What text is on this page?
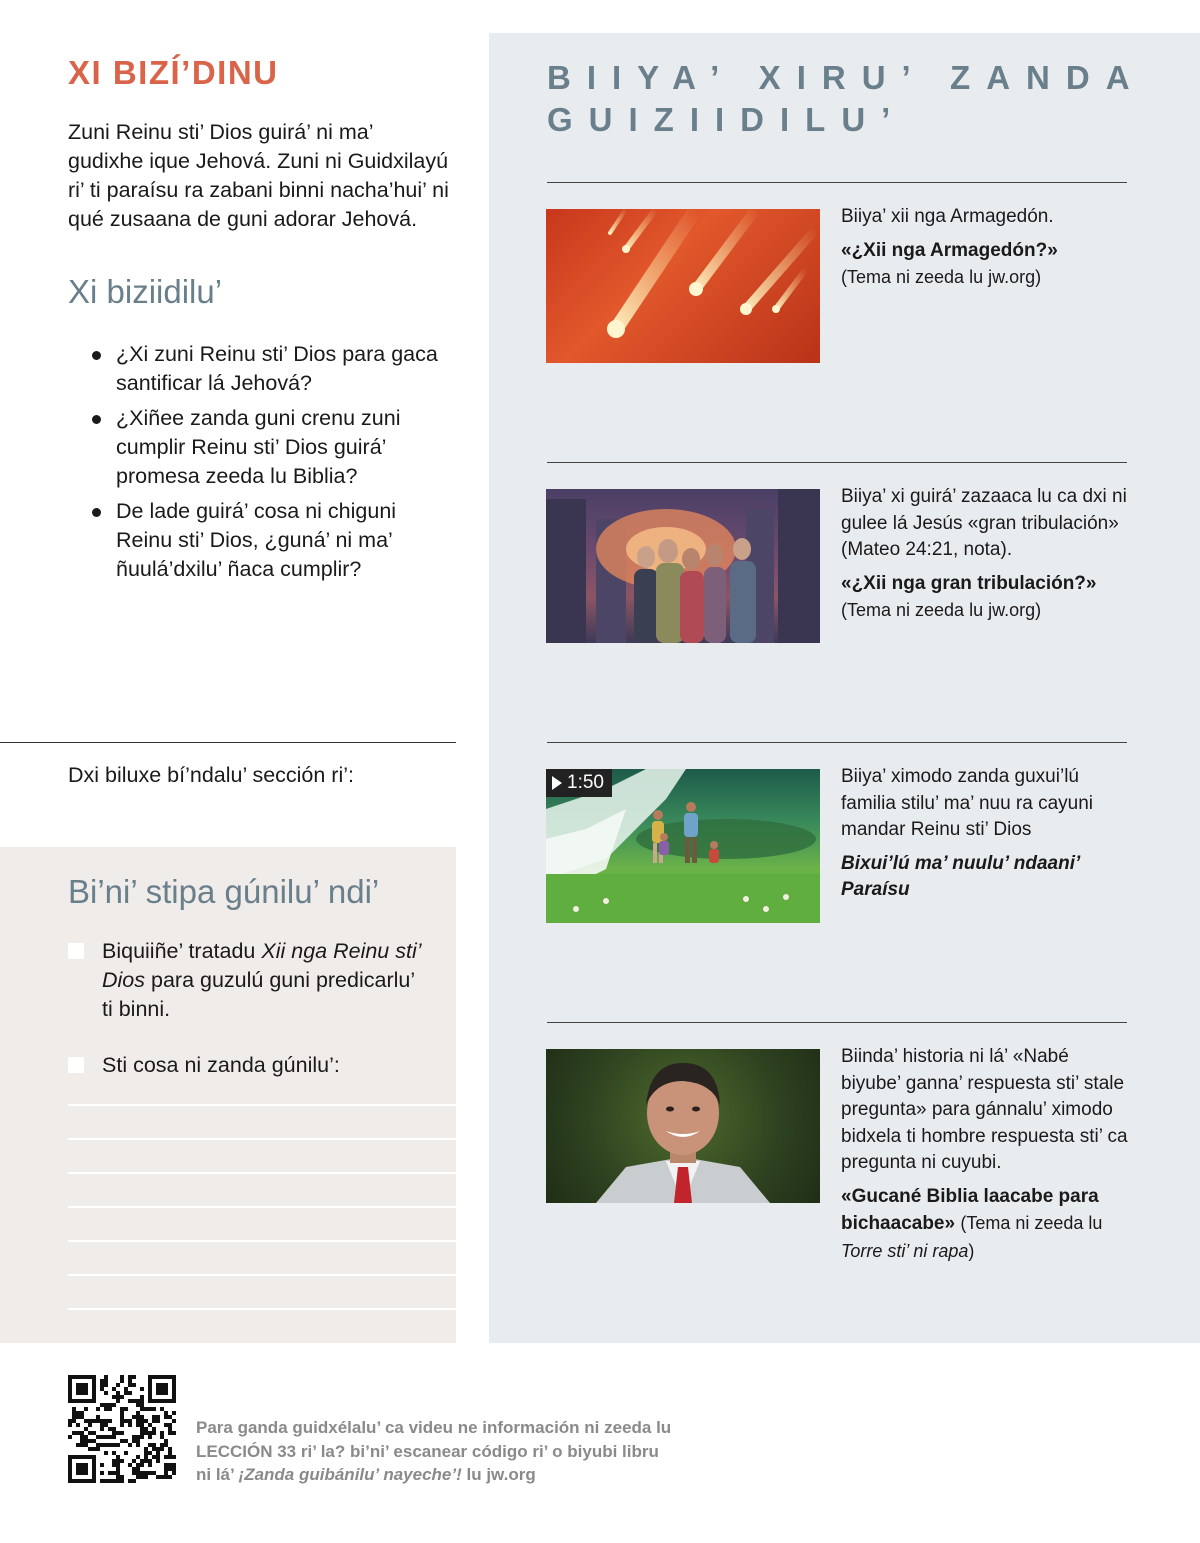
XI BIZÍ’DINU

Zuni Reinu sti’ Dios guirá’ ni ma’ gudixhe ique Jehová. Zuni ni Guidxilayú ri’ ti paraísu ra zabani binni nacha’hui’ ni qué zusaana de guni adorar Jehová.

Xi biziidilu’
¿Xi zuni Reinu sti’ Dios para gaca santificar lá Jehová?
¿Xiñee zanda guni crenu zuni cumplir Reinu sti’ Dios guirá’ promesa zeeda lu Biblia?
De lade guirá’ cosa ni chiguni Reinu sti’ Dios, ¿guná’ ni ma’ ñuulá’dxilu’ ñaca cumplir?
Dxi biluxe bí’ndalu’ sección ri’:
Bi’ni’ stipa gúnilu’ ndi’
Biquiiñe’ tratadu Xii nga Reinu sti’ Dios para guzulú guni predicarlu’ ti binni.
Sti cosa ni zanda gúnilu’:
BIIYA’ XIRU’ ZANDA GUIZIIDILU’

Biiya’ xii nga Armagedón.

«¿Xii nga Armagedón?»
(Tema ni zeeda lu jw.org)

Biiya’ xi guirá’ zazaaca lu ca dxi ni gulee lá Jesús «gran tribulación» (Mateo 24:21, nota).

«¿Xii nga gran tribulación?»
(Tema ni zeeda lu jw.org)

1:50	Biiya’ ximodo zanda guxui’lú familia stilu’ ma’ nuu ra cayuni mandar Reinu sti’ Dios

Bixui’lú ma’ nuulu’ ndaani’ Paraísu

Biinda’ historia ni lá’ «Nabé biyube’ ganna’ respuesta sti’ stale pregunta» para gánnalu’ ximodo bidxela ti hombre respuesta sti’ ca pregunta ni cuyubi.

«Gucané Biblia laacabe para bichaacabe» (Tema ni zeeda lu Torre sti’ ni rapa)

Para ganda guidxélalu’ ca videu ne información ni zeeda lu LECCIÓN 33 ri’ la? bi’ni’ escanear código ri’ o biyubi libru ni lá’ ¡Zanda guibánilu’ nayeche’! lu jw.org
